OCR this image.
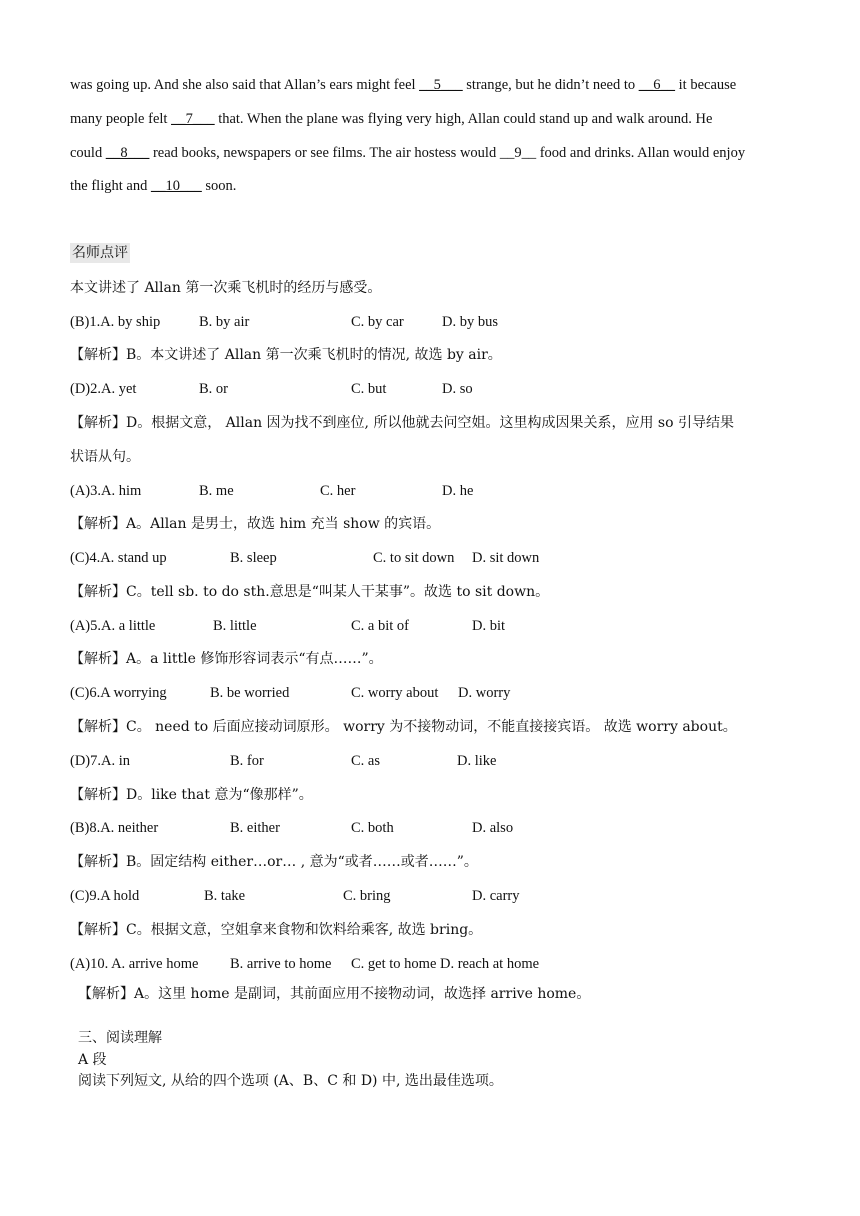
was going up. And she also said that Allan’s ears might feel __5___ strange, but he didn’t need to __6__ it because
many people felt __7___ that. When the plane was flying very high, Allan could stand up and walk around. He
could __8___ read books, newspapers or see films. The air hostess would __9__ food and drinks. Allan would enjoy
the flight and __10___ soon.
名师点评
本文讲述了 Allan 第一次乘飞机时的经历与感受。
(B)1.A. by ship	B. by air	C. by car	D. by bus
【解析】B。本文讲述了 Allan 第一次乘飞机时的情况, 故选 by air。
(D)2.A. yet	B. or	C. but	D. so
【解析】D。根据文意， Allan 因为找不到座位, 所以他就去问空姐。这里构成因果关系，应用 so 引导结果
状语从句。
(A)3.A. him	B. me	C. her	D. he
【解析】A。Allan 是男士，故选 him 充当 show 的宾语。
(C)4.A. stand up	B. sleep	C. to sit down D. sit down
【解析】C。tell sb. to do sth.意思是“叫某人干某事”。故选 to sit down。
(A)5.A. a little	B. little	C. a bit of	D. bit
【解析】A。a little 修饰形容词表示“有点……”。
(C)6.A worrying	B. be worried	C. worry about D. worry
【解析】C。 need to 后面应接动词原形。 worry 为不接物动词，不能直接接宾语。 故选 worry about。
(D)7.A. in	B. for	C. as	D. like
【解析】D。like that 意为“像那样”。
(B)8.A. neither	B. either	C. both	D. also
【解析】B。固定结构 either…or… , 意为“或者……或者……”。
(C)9.A hold	B. take	C. bring	D. carry
【解析】C。根据文意，空姐拿来食物和饮料给乘客, 故选 bring。
(A)10. A. arrive home B. arrive to home C. get to home D. reach at home
【解析】A。这里 home 是副词，其前面应用不接物动词，故选择 arrive home。
三、阅读理解
A 段
阅读下列短文, 从给的四个选项 (A、B、C 和 D) 中, 选出最佳选项。
